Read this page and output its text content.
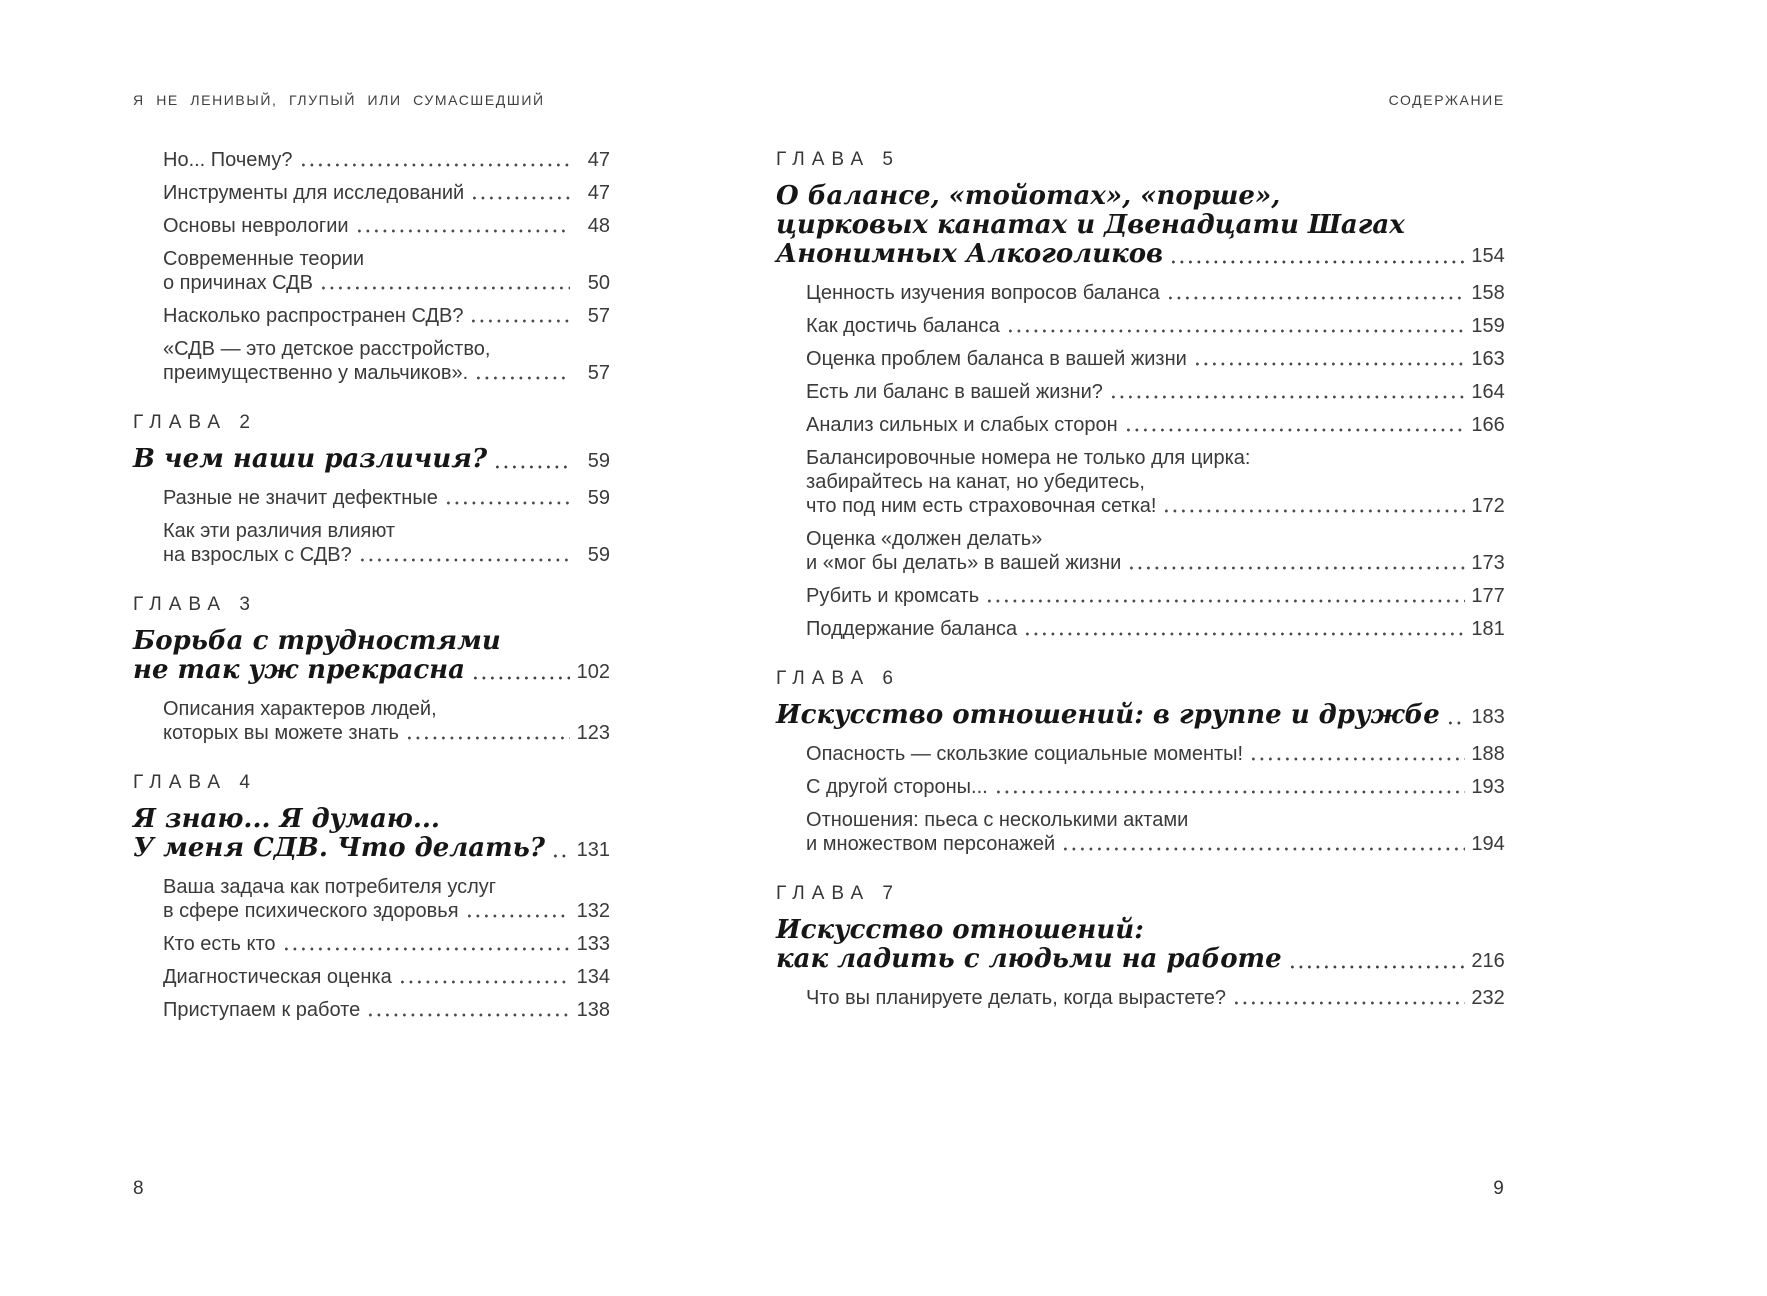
Я НЕ ЛЕНИВЫЙ, ГЛУПЫЙ ИЛИ СУМАСШЕДШИЙ
Но... Почему?	47
Инструменты для исследований	47
Основы неврологии	48
Современные теории
о причинах СДВ	50
Насколько распространен СДВ?	57
«СДВ — это детское расстройство,
преимущественно у мальчиков».	57
ГЛАВА 2
В чем наши различия?	59
Разные не значит дефектные	59
Как эти различия влияют
на взрослых с СДВ?	59
ГЛАВА 3
Борьба с трудностями
не так уж прекрасна	102
Описания характеров людей,
которых вы можете знать	123
ГЛАВА 4
Я знаю... Я думаю...
У меня СДВ. Что делать? 131
Ваша задача как потребителя услуг
в сфере психического здоровья	132
Кто есть кто	133
Диагностическая оценка	134
Приступаем к работе	138
8
СОДЕРЖАНИЕ
ГЛАВА 5
О балансе, «тойотах», «порше»,
цирковых канатах и Двенадцати Шагах
Анонимных Алкоголиков	154
Ценность изучения вопросов баланса	158
Как достичь баланса	159
Оценка проблем баланса в вашей жизни	163
Есть ли баланс в вашей жизни?	164
Анализ сильных и слабых сторон	166
Балансировочные номера не только для цирка:
забирайтесь на канат, но убедитесь,
что под ним есть страховочная сетка!	172
Оценка «должен делать»
и «мог бы делать» в вашей жизни	173
Рубить и кромсать	177
Поддержание баланса	181
ГЛАВА 6
Искусство отношений: в группе и дружбе 183
Опасность — скользкие социальные моменты!	188
С другой стороны...	193
Отношения: пьеса с несколькими актами
и множеством персонажей	194
ГЛАВА 7
Искусство отношений:
как ладить с людьми на работе	216
Что вы планируете делать, когда вырастете?	232
9
